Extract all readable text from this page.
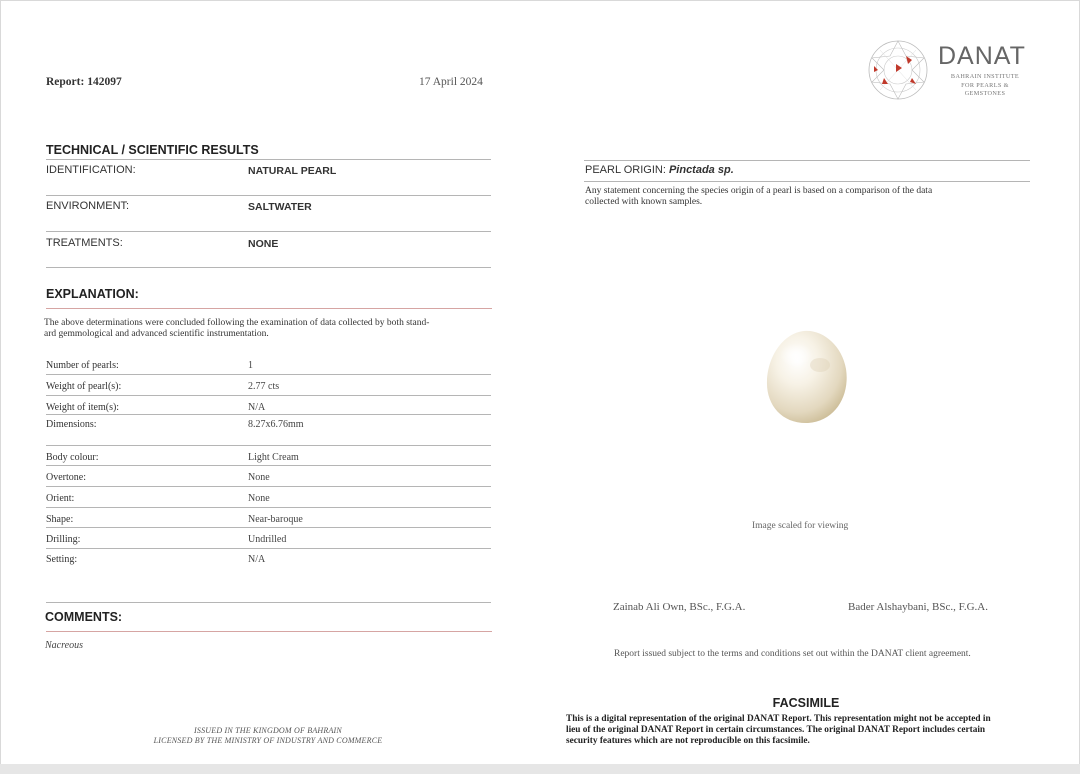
Report: 142097	17 April 2024
DANAT
BAHRAIN INSTITUTE
FOR PEARLS & GEMSTONES
TECHNICAL / SCIENTIFIC RESULTS
IDENTIFICATION:	NATURAL PEARL
ENVIRONMENT:	SALTWATER
TREATMENTS:	NONE
EXPLANATION:
The above determinations were concluded following the examination of data collected by both stand-
ard gemmological and advanced scientific instrumentation.
Number of pearls:	1
Weight of pearl(s):	2.77 cts
Weight of item(s):	N/A
Dimensions:	8.27x6.76mm
Body colour:	Light Cream
Overtone:	None
Orient:	None
Shape:	Near-baroque
Drilling:	Undrilled
Setting:	N/A
COMMENTS:
Nacreous
ISSUED IN THE KINGDOM OF BAHRAIN
LICENSED BY THE MINISTRY OF INDUSTRY AND COMMERCE
PEARL ORIGIN: Pinctada sp.
Any statement concerning the species origin of a pearl is based on a comparison of the data
collected with known samples.
Image scaled for viewing
Zainab Ali Own, BSc., F.G.A.	Bader Alshaybani, BSc., F.G.A.
Report issued subject to the terms and conditions set out within the DANAT client agreement.
FACSIMILE
This is a digital representation of the original DANAT Report. This representation might not be accepted in
lieu of the original DANAT Report in certain circumstances. The original DANAT Report includes certain
security features which are not reproducible on this facsimile.
